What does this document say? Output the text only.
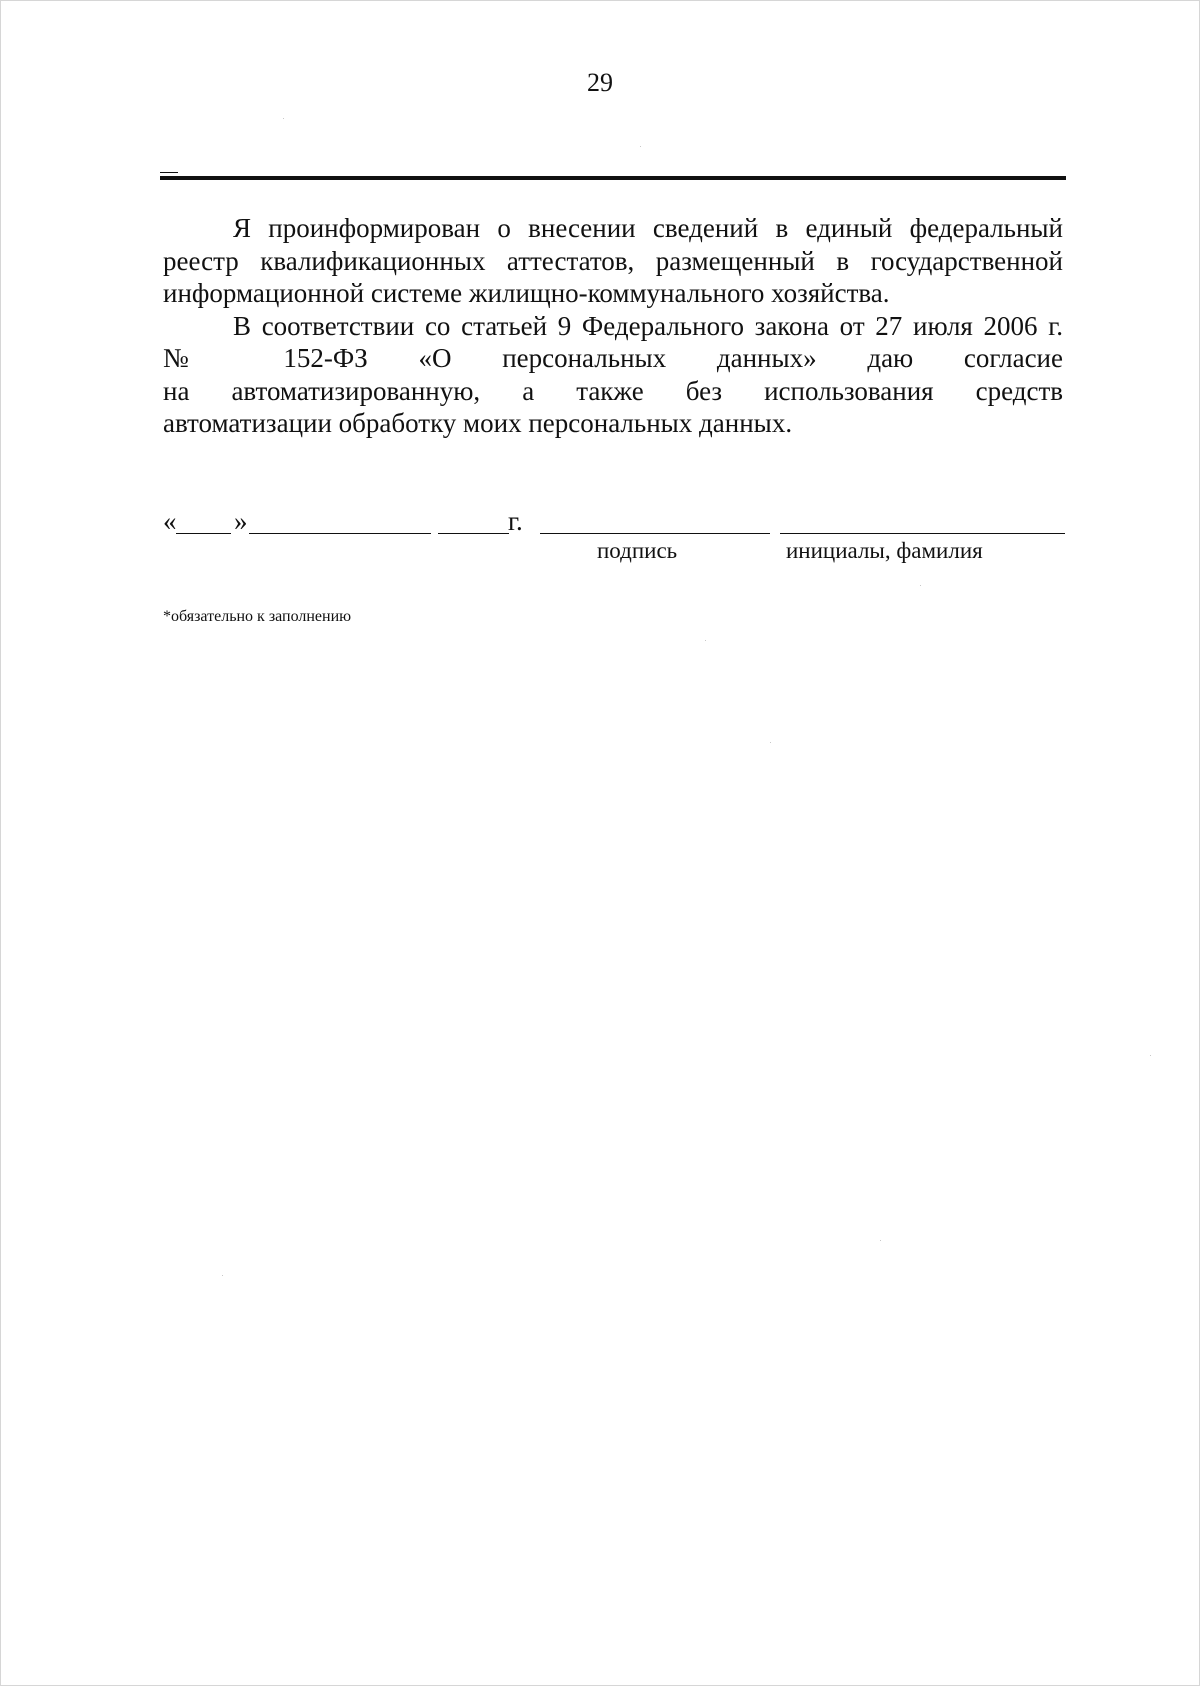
29
Я проинформирован о внесении сведений в единый федеральный
реестр квалификационных аттестатов, размещенный в государственной
информационной системе жилищно-коммунального хозяйства.
В соответствии со статьей 9 Федерального закона от 27 июля 2006 г.
№ 152-ФЗ «О персональных данных» даю согласие
на автоматизированную, а также без использования средств
автоматизации обработку моих персональных данных.
« »	г.
подпись	инициалы, фамилия
*обязательно к заполнению
